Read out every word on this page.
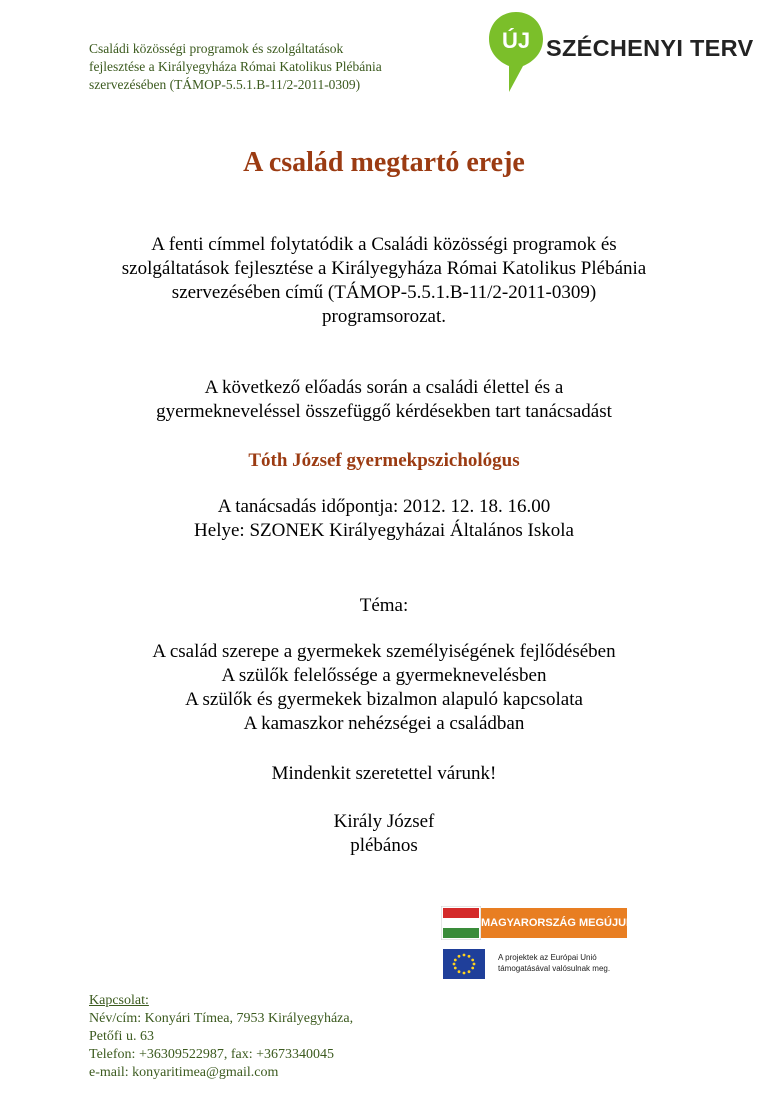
Családi közösségi programok és szolgáltatások
fejlesztése a Királyegyháza Római Katolikus Plébánia
szervezésében (TÁMOP-5.5.1.B-11/2-2011-0309)
ÚJ SZÉCHENYI TERV
A család megtartó ereje
A fenti címmel folytatódik a Családi közösségi programok és
szolgáltatások fejlesztése a Királyegyháza Római Katolikus Plébánia
szervezésében című (TÁMOP-5.5.1.B-11/2-2011-0309)
programsorozat.
A következő előadás során a családi élettel és a
gyermekneveléssel összefüggő kérdésekben tart tanácsadást
Tóth József gyermekpszichológus
A tanácsadás időpontja: 2012. 12. 18. 16.00
Helye: SZONEK Királyegyházai Általános Iskola
Téma:
A család szerepe a gyermekek személyiségének fejlődésében
A szülők felelőssége a gyermeknevelésben
A szülők és gyermekek bizalmon alapuló kapcsolata
A kamaszkor nehézségei a családban
Mindenkit szeretettel várunk!
Király József
plébános
MAGYARORSZÁG MEGÚJUL
A projektek az Európai Unió
támogatásával valósulnak meg.
Kapcsolat:
Név/cím: Konyári Tímea, 7953 Királyegyháza,
Petőfi u. 63
Telefon: +36309522987, fax: +3673340045
e-mail: konyaritimea@gmail.com
